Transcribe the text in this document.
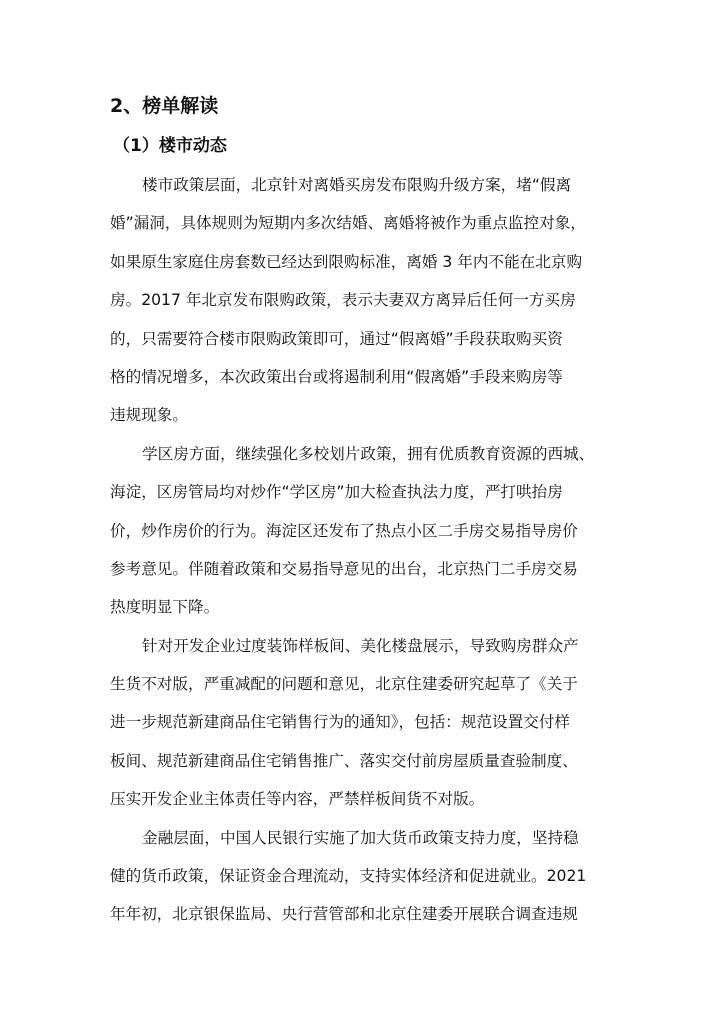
2、榜单解读
（1）楼市动态

楼市政策层面，北京针对离婚买房发布限购升级方案，堵“假离
婚”漏洞，具体规则为短期内多次结婚、离婚将被作为重点监控对象，
如果原生家庭住房套数已经达到限购标准，离婚 3 年内不能在北京购
房。2017 年北京发布限购政策，表示夫妻双方离异后任何一方买房
的，只需要符合楼市限购政策即可，通过“假离婚”手段获取购买资
格的情况增多，本次政策出台或将遏制利用“假离婚”手段来购房等
违规现象。

学区房方面，继续强化多校划片政策，拥有优质教育资源的西城、
海淀，区房管局均对炒作“学区房”加大检查执法力度，严打哄抬房
价，炒作房价的行为。海淀区还发布了热点小区二手房交易指导房价
参考意见。伴随着政策和交易指导意见的出台，北京热门二手房交易
热度明显下降。

针对开发企业过度装饰样板间、美化楼盘展示，导致购房群众产
生货不对版，严重减配的问题和意见，北京住建委研究起草了《关于
进一步规范新建商品住宅销售行为的通知》，包括：规范设置交付样
板间、规范新建商品住宅销售推广、落实交付前房屋质量查验制度、
压实开发企业主体责任等内容，严禁样板间货不对版。

金融层面，中国人民银行实施了加大货币政策支持力度，坚持稳
健的货币政策，保证资金合理流动，支持实体经济和促进就业。2021
年年初，北京银保监局、央行营管部和北京住建委开展联合调查违规
